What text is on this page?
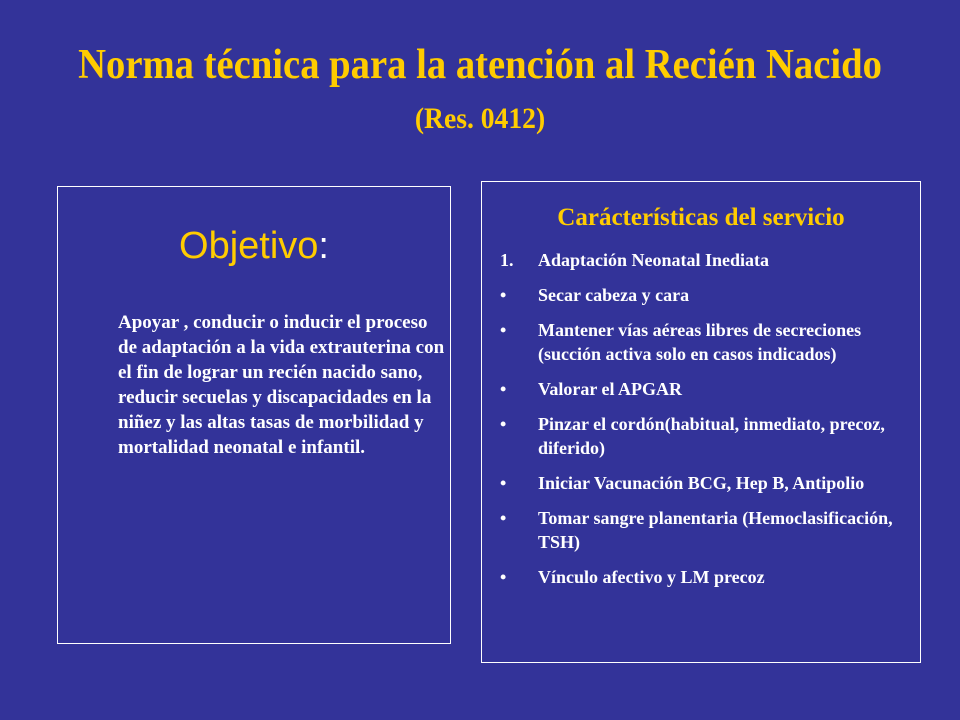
Norma técnica para la atención al Recién Nacido (Res. 0412)
Objetivo:
Apoyar , conducir o inducir el proceso de adaptación a la vida extrauterina con el fin de lograr un recién nacido sano, reducir secuelas y discapacidades en la niñez y las altas tasas de morbilidad y mortalidad neonatal e infantil.
Carácterísticas del servicio
1.	Adaptación Neonatal Inediata
•	Secar cabeza y cara
•	Mantener vías aéreas libres de secreciones (succión activa solo en casos indicados)
•	Valorar el APGAR
•	Pinzar el cordón(habitual, inmediato, precoz, diferido)
•	Iniciar Vacunación BCG, Hep B, Antipolio
•	Tomar sangre planentaria (Hemoclasificación, TSH)
•	Vínculo afectivo y LM precoz
